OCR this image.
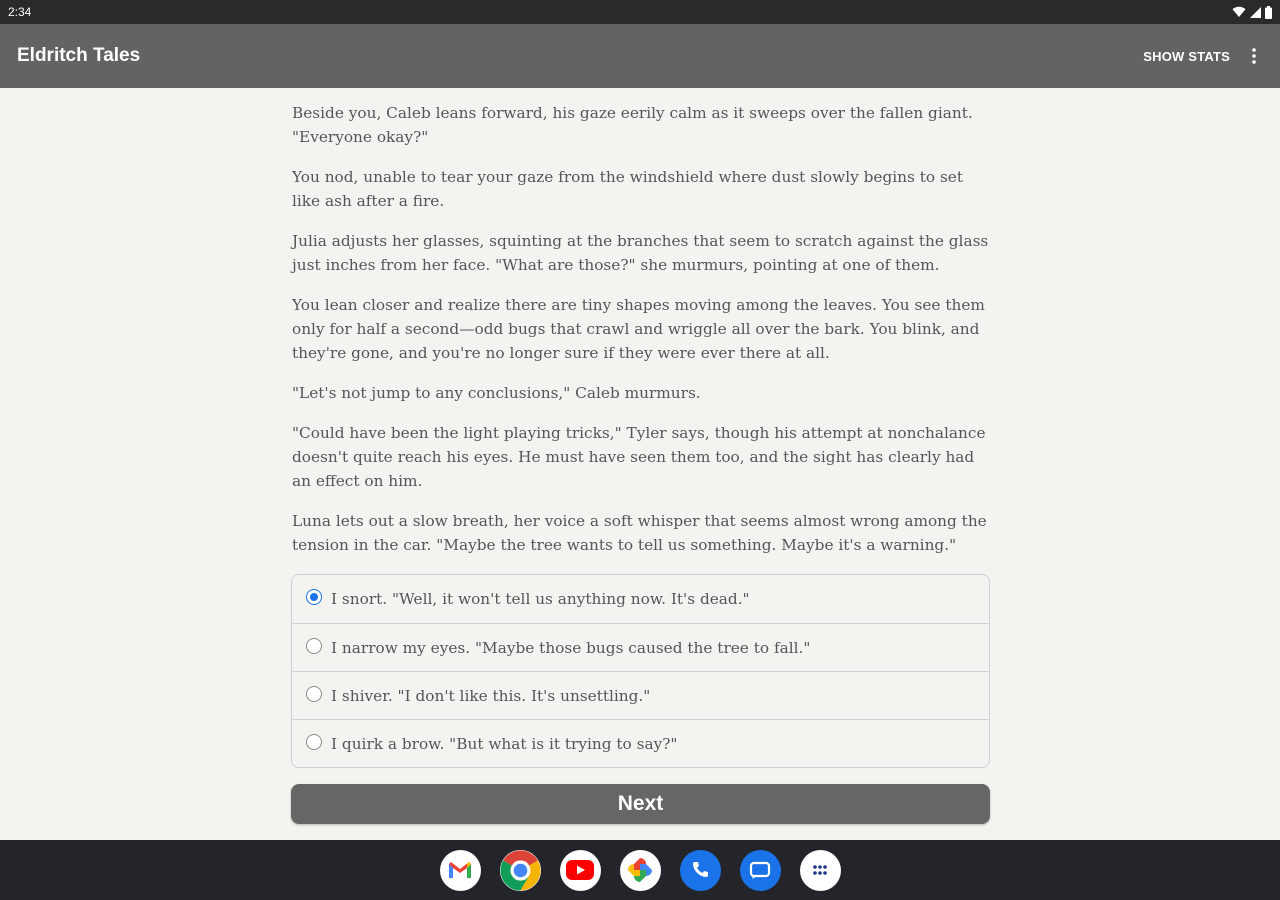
2:34
Eldritch Tales	SHOW STATS

Beside you, Caleb leans forward, his gaze eerily calm as it sweeps over the fallen giant. "Everyone okay?"

You nod, unable to tear your gaze from the windshield where dust slowly begins to set like ash after a fire.

Julia adjusts her glasses, squinting at the branches that seem to scratch against the glass just inches from her face. "What are those?" she murmurs, pointing at one of them.

You lean closer and realize there are tiny shapes moving among the leaves. You see them only for half a second—odd bugs that crawl and wriggle all over the bark. You blink, and they're gone, and you're no longer sure if they were ever there at all.

"Let's not jump to any conclusions," Caleb murmurs.

"Could have been the light playing tricks," Tyler says, though his attempt at nonchalance doesn't quite reach his eyes. He must have seen them too, and the sight has clearly had an effect on him.

Luna lets out a slow breath, her voice a soft whisper that seems almost wrong among the tension in the car. "Maybe the tree wants to tell us something. Maybe it's a warning."

I snort. "Well, it won't tell us anything now. It's dead."
I narrow my eyes. "Maybe those bugs caused the tree to fall."
I shiver. "I don't like this. It's unsettling."
I quirk a brow. "But what is it trying to say?"
Next
